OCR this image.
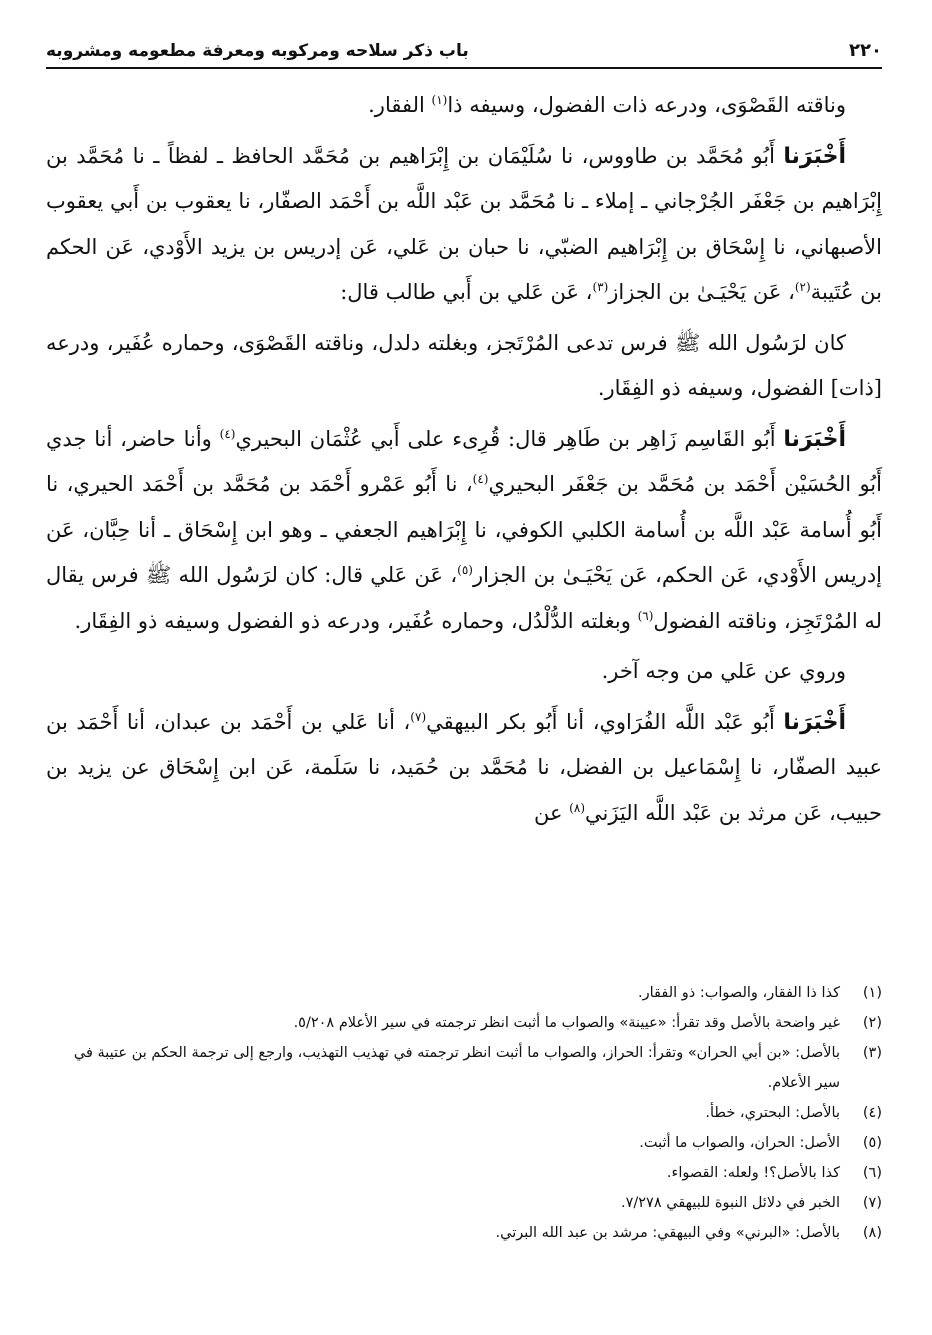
٢٢٠
باب ذكر سلاحه ومركوبه ومعرفة مطعومه ومشروبه

وناقته القَصْوَى، ودرعه ذات الفضول، وسيفه ذا$^{(١)}$ الفقار.

أَخْبَرَنا أَبُو مُحَمَّد بن طاووس، نا سُلَيْمَان بن إِبْرَاهيم بن مُحَمَّد الحافظ ـ لفظاً ـ نا مُحَمَّد بن إِبْرَاهيم بن جَعْفَر الجُرْجاني ـ إملاء ـ نا مُحَمَّد بن عَبْد اللَّه بن أَحْمَد الصفّار، نا يعقوب بن أَبي يعقوب الأصبهاني، نا إِسْحَاق بن إِبْرَاهيم الضبّي، نا حبان بن عَلي، عَن إدريس بن يزيد الأَوْدي، عَن الحكم بن عُتَيبة$^{(٢)}$، عَن يَحْيَـىٰ بن الجزاز$^{(٣)}$، عَن عَلي بن أَبي طالب قال:

كان لرَسُول الله ﷺ فرس تدعى المُرْتَجز، وبغلته دلدل، وناقته القَصْوَى، وحماره عُفَير، ودرعه [ذات] الفضول، وسيفه ذو الفِقَار.

أَخْبَرَنا أَبُو القَاسِم زَاهِر بن طَاهِر قال: قُرِىء على أَبي عُثْمَان البحيري$^{(٤)}$ وأنا حاضر، أنا جدي أَبُو الحُسَيْن أَحْمَد بن مُحَمَّد بن جَعْفَر البحيري$^{(٤)}$، نا أَبُو عَمْرو أَحْمَد بن مُحَمَّد بن أَحْمَد الحيري، نا أَبُو أُسامة عَبْد اللَّه بن أُسامة الكلبي الكوفي، نا إِبْرَاهيم الجعفي ـ وهو ابن إِسْحَاق ـ أنا حِبَّان، عَن إدريس الأَوْدي، عَن الحكم، عَن يَحْيَـىٰ بن الجزار$^{(٥)}$، عَن عَلي قال: كان لرَسُول الله ﷺ فرس يقال له المُرْتَجِز، وناقته الفضول$^{(٦)}$ وبغلته الدُّلْدُل، وحماره عُفَير، ودرعه ذو الفضول وسيفه ذو الفِقَار.

وروي عن عَلي من وجه آخر.

أَخْبَرَنا أَبُو عَبْد اللَّه الفُرَاوي، أنا أَبُو بكر البيهقي$^{(٧)}$، أنا عَلي بن أَحْمَد بن عبدان، أنا أَحْمَد بن عبيد الصفّار، نا إِسْمَاعيل بن الفضل، نا مُحَمَّد بن حُمَيد، نا سَلَمة، عَن ابن إِسْحَاق عن يزيد بن حبيب، عَن مرثد بن عَبْد اللَّه اليَزَني$^{(٨)}$ عن

(١)
كذا ذا الفقار، والصواب: ذو الفقار.
(٢)
غير واضحة بالأصل وقد تقرأ: «عيينة» والصواب ما أثبت انظر ترجمته في سير الأعلام ٥/٢٠٨.
(٣)
بالأصل: «بن أبي الحران» وتقرأ: الحراز، والصواب ما أثبت انظر ترجمته في تهذيب التهذيب، وارجع إلى ترجمة الحكم بن عتيبة في سير الأعلام.
(٤)
بالأصل: البحتري، خطأ.
(٥)
الأصل: الحران، والصواب ما أثبت.
(٦)
كذا بالأصل؟! ولعله: القصواء.
(٧)
الخبر في دلائل النبوة للبيهقي ٧/٢٧٨.
(٨)
بالأصل: «البرني» وفي البيهقي: مرشد بن عبد الله البرتي.
